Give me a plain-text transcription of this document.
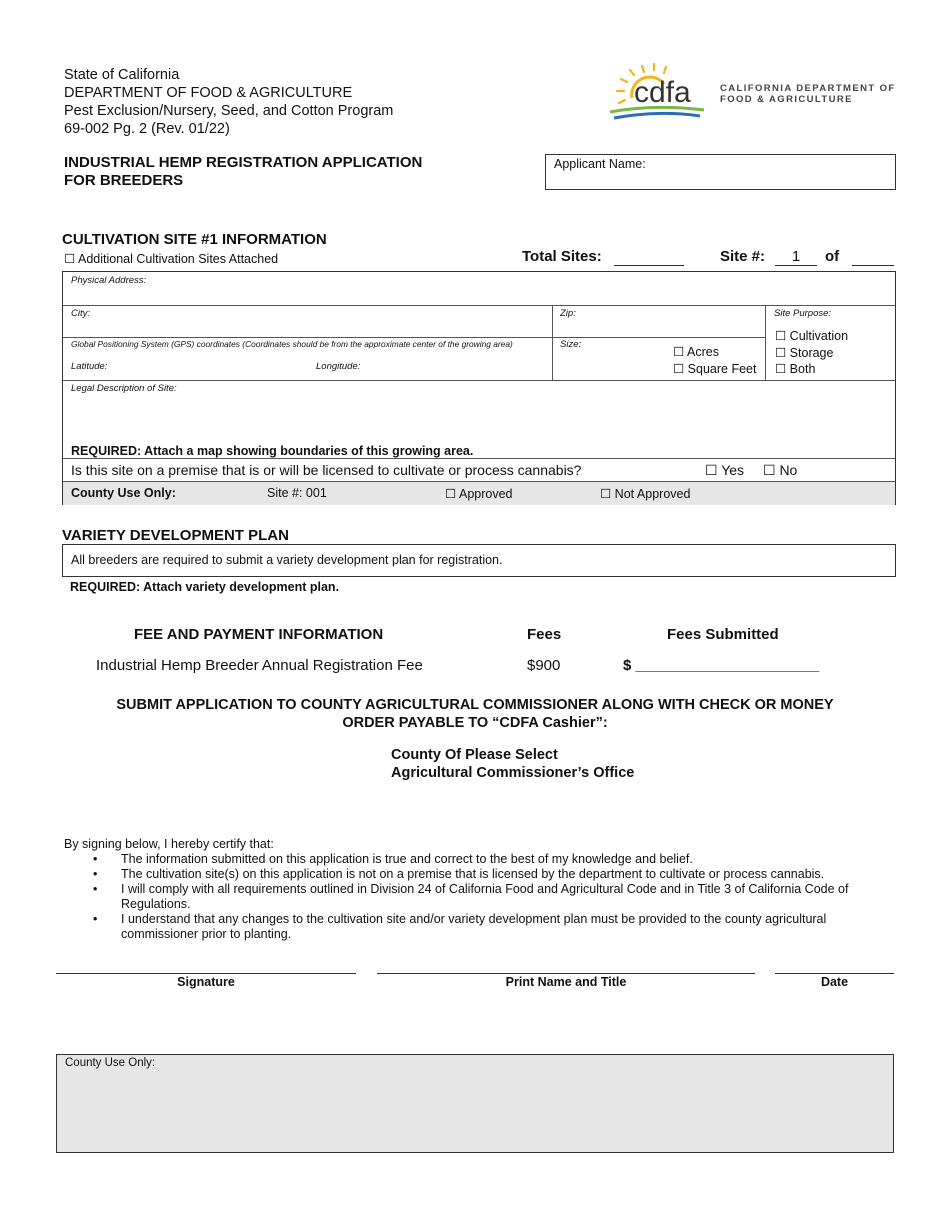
State of California
DEPARTMENT OF FOOD & AGRICULTURE
Pest Exclusion/Nursery, Seed, and Cotton Program
69-002 Pg. 2 (Rev. 01/22)
cdfa	CALIFORNIA DEPARTMENT OF
FOOD & AGRICULTURE
INDUSTRIAL HEMP REGISTRATION APPLICATION
FOR BREEDERS
Applicant Name:
CULTIVATION SITE #1 INFORMATION
☐ Additional Cultivation Sites Attached	Total Sites:	Site #:	1	of
Physical Address:
City:	Zip:	Site Purpose:
☐ Cultivation
☐ Storage
☐ Both
Global Positioning System (GPS) coordinates (Coordinates should be from the approximate center of the growing area)
Latitude:	Longitude:
Size:
☐ Acres
☐ Square Feet
Legal Description of Site:
REQUIRED: Attach a map showing boundaries of this growing area.
Is this site on a premise that is or will be licensed to cultivate or process cannabis?	☐ Yes ☐ No
County Use Only:	Site #: 001	☐ Approved	☐ Not Approved
VARIETY DEVELOPMENT PLAN
All breeders are required to submit a variety development plan for registration.
REQUIRED: Attach variety development plan.
FEE AND PAYMENT INFORMATION	Fees	Fees Submitted
Industrial Hemp Breeder Annual Registration Fee	$900	$ ______________________
SUBMIT APPLICATION TO COUNTY AGRICULTURAL COMMISSIONER ALONG WITH CHECK OR MONEY
ORDER PAYABLE TO “CDFA Cashier”:
County Of Please Select
Agricultural Commissioner’s Office
By signing below, I hereby certify that:
• The information submitted on this application is true and correct to the best of my knowledge and belief.
• The cultivation site(s) on this application is not on a premise that is licensed by the department to cultivate or process cannabis.
• I will comply with all requirements outlined in Division 24 of California Food and Agricultural Code and in Title 3 of California Code of Regulations.
• I understand that any changes to the cultivation site and/or variety development plan must be provided to the county agricultural commissioner prior to planting.
Signature	Print Name and Title	Date
County Use Only:
